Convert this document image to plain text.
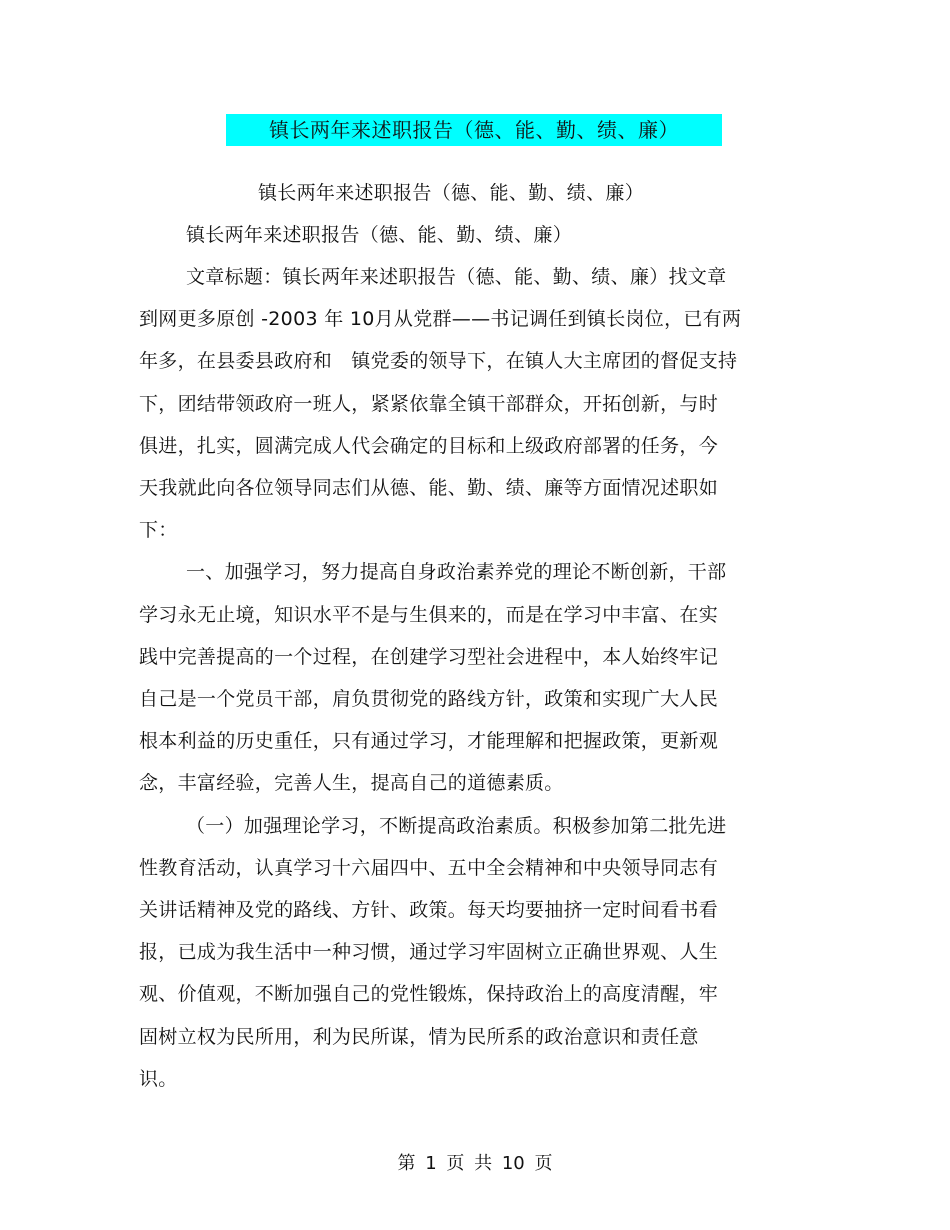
镇长两年来述职报告（德、能、勤、绩、廉）
镇长两年来述职报告（德、能、勤、绩、廉）
镇长两年来述职报告（德、能、勤、绩、廉）
文章标题：镇长两年来述职报告（德、能、勤、绩、廉）找文章
到网更多原创 -2003 年 10月从党群——书记调任到镇长岗位，已有两
年多，在县委县政府和　镇党委的领导下，在镇人大主席团的督促支持
下，团结带领政府一班人，紧紧依靠全镇干部群众，开拓创新，与时
俱进，扎实，圆满完成人代会确定的目标和上级政府部署的任务，今
天我就此向各位领导同志们从德、能、勤、绩、廉等方面情况述职如
下：
一、加强学习，努力提高自身政治素养党的理论不断创新，干部
学习永无止境，知识水平不是与生俱来的，而是在学习中丰富、在实
践中完善提高的一个过程，在创建学习型社会进程中，本人始终牢记
自己是一个党员干部，肩负贯彻党的路线方针，政策和实现广大人民
根本利益的历史重任，只有通过学习，才能理解和把握政策，更新观
念，丰富经验，完善人生，提高自己的道德素质。
（一）加强理论学习，不断提高政治素质。积极参加第二批先进
性教育活动，认真学习十六届四中、五中全会精神和中央领导同志有
关讲话精神及党的路线、方针、政策。每天均要抽挤一定时间看书看
报，已成为我生活中一种习惯，通过学习牢固树立正确世界观、人生
观、价值观，不断加强自己的党性锻炼，保持政治上的高度清醒，牢
固树立权为民所用，利为民所谋，情为民所系的政治意识和责任意
识。
第 1 页 共 10 页
